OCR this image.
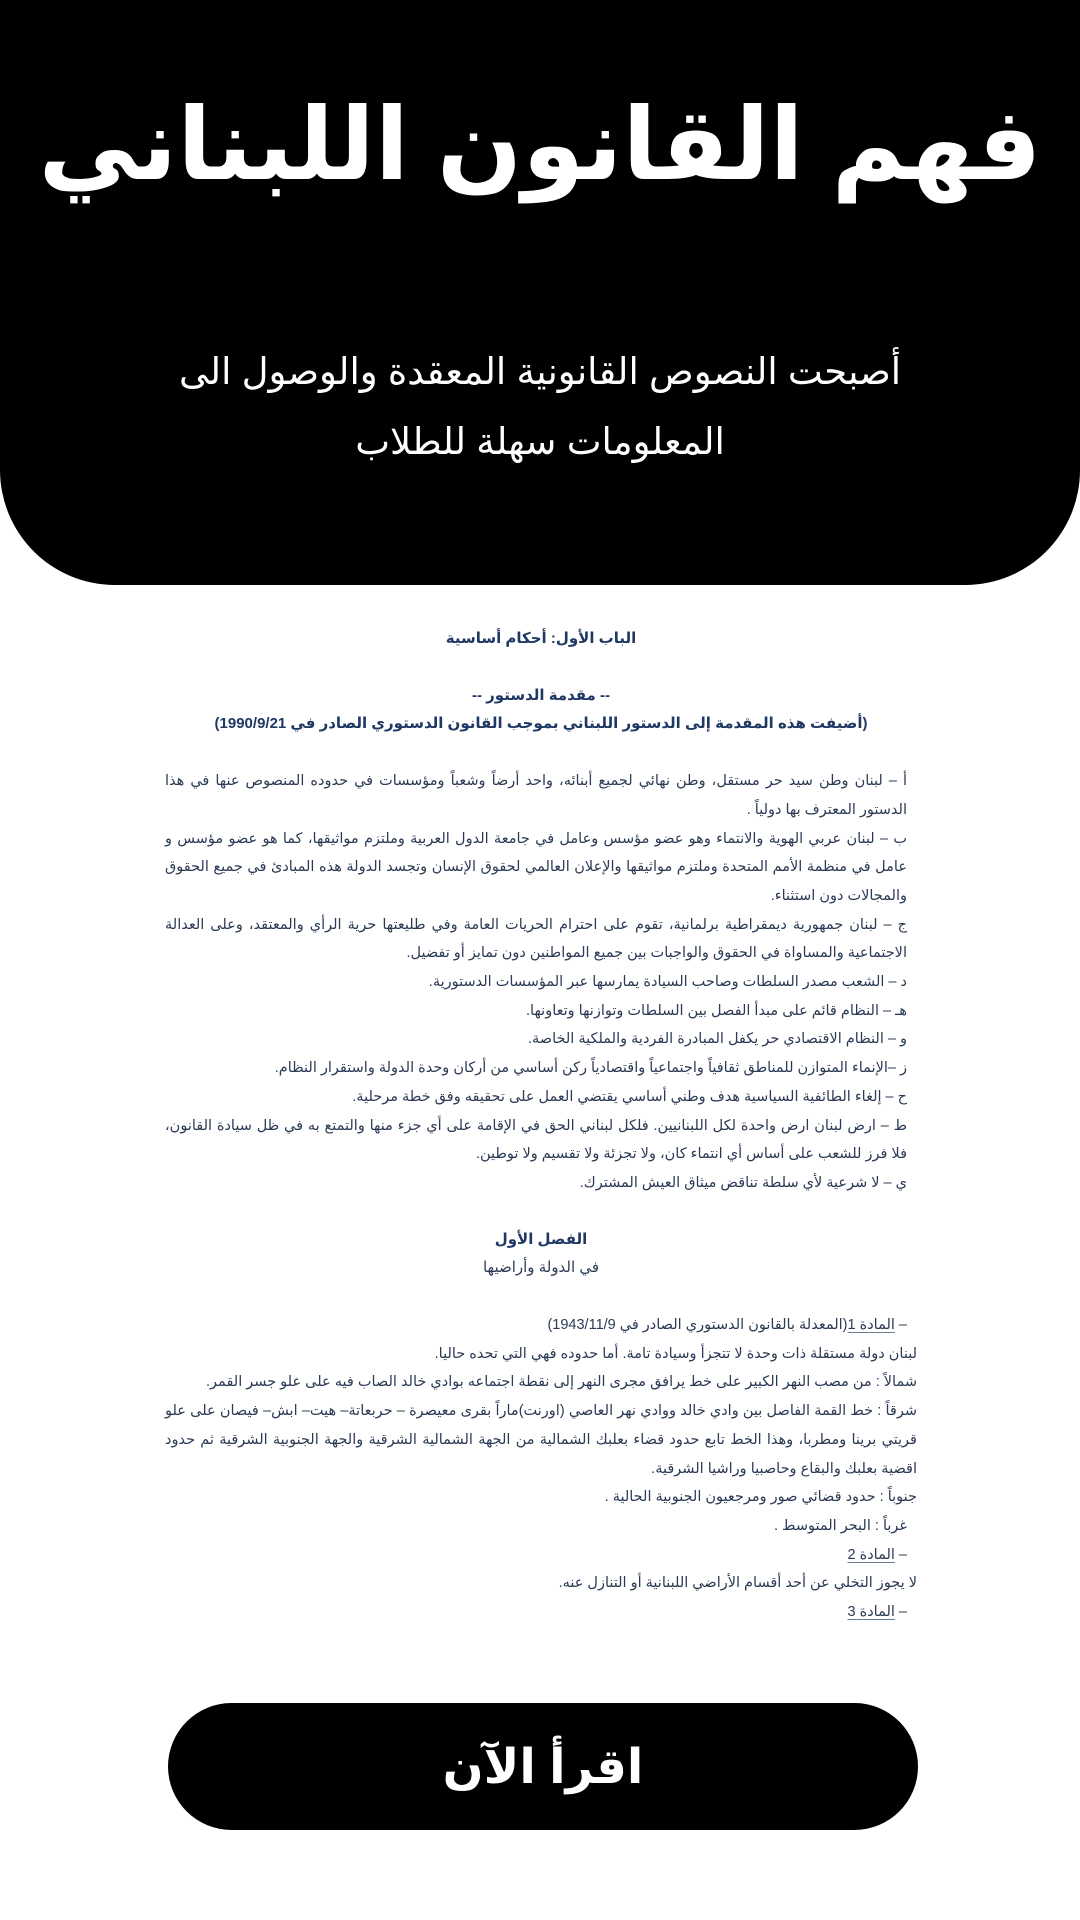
فهم القانون اللبناني

أصبحت النصوص القانونية المعقدة والوصول الى المعلومات سهلة للطلاب

الباب الأول: أحكام أساسية
-- مقدمة الدستور --
(أضيفت هذه المقدمة إلى الدستور اللبناني بموجب القانون الدستوري الصادر في 1990/9/21)

أ – لبنان وطن سيد حر مستقل، وطن نهائي لجميع أبنائه، واحد أرضاً وشعباً ومؤسسات في حدوده المنصوص عنها في هذا الدستور المعترف بها دولياً .

ب – لبنان عربي الهوية والانتماء وهو عضو مؤسس وعامل في جامعة الدول العربية وملتزم مواثيقها، كما هو عضو مؤسس و عامل في منظمة الأمم المتحدة وملتزم مواثيقها والإعلان العالمي لحقوق الإنسان وتجسد الدولة هذه المبادئ في جميع الحقوق والمجالات دون استثناء.

ج – لبنان جمهورية ديمقراطية برلمانية، تقوم على احترام الحريات العامة وفي طليعتها حرية الرأي والمعتقد، وعلى العدالة الاجتماعية والمساواة في الحقوق والواجبات بين جميع المواطنين دون تمايز أو تفضيل.

د – الشعب مصدر السلطات وصاحب السيادة يمارسها عبر المؤسسات الدستورية.

هـ – النظام قائم على مبدأ الفصل بين السلطات وتوازنها وتعاونها.

و – النظام الاقتصادي حر يكفل المبادرة الفردية والملكية الخاصة.

ز –الإنماء المتوازن للمناطق ثقافياً واجتماعياً واقتصادياً ركن أساسي من أركان وحدة الدولة واستقرار النظام.

ح – إلغاء الطائفية السياسية هدف وطني أساسي يقتضي العمل على تحقيقه وفق خطة مرحلية.

ط – ارض لبنان ارض واحدة لكل اللبنانيين. فلكل لبناني الحق في الإقامة على أي جزء منها والتمتع به في ظل سيادة القانون، فلا فرز للشعب على أساس أي انتماء كان، ولا تجزئة ولا تقسيم ولا توطين.

ي – لا شرعية لأي سلطة تناقض ميثاق العيش المشترك.

الفصل الأول
في الدولة وأراضيها

– المادة 1(المعدلة بالقانون الدستوري الصادر في 1943/11/9)

لبنان دولة مستقلة ذات وحدة لا تتجزأ وسيادة تامة. أما حدوده فهي التي تحده حاليا.

شمالاً : من مصب النهر الكبير على خط يرافق مجرى النهر إلى نقطة اجتماعه بوادي خالد الصاب فيه على علو جسر القمر.

شرقاً : خط القمة الفاصل بين وادي خالد ووادي نهر العاصي (اورنت)ماراً بقرى معيصرة – حربعاتة– هيت– ابش– فيصان على علو قريتي برينا ومطربا، وهذا الخط تابع حدود قضاء بعلبك الشمالية من الجهة الشمالية الشرقية والجهة الجنوبية الشرقية ثم حدود اقضية بعلبك والبقاع وحاصبيا وراشيا الشرقية.

جنوباً : حدود قضائي صور ومرجعيون الجنوبية الحالية .

غرباً : البحر المتوسط .

– المادة 2

لا يجوز التخلي عن أحد أقسام الأراضي اللبنانية أو التنازل عنه.

– المادة 3

اقرأ الآن
